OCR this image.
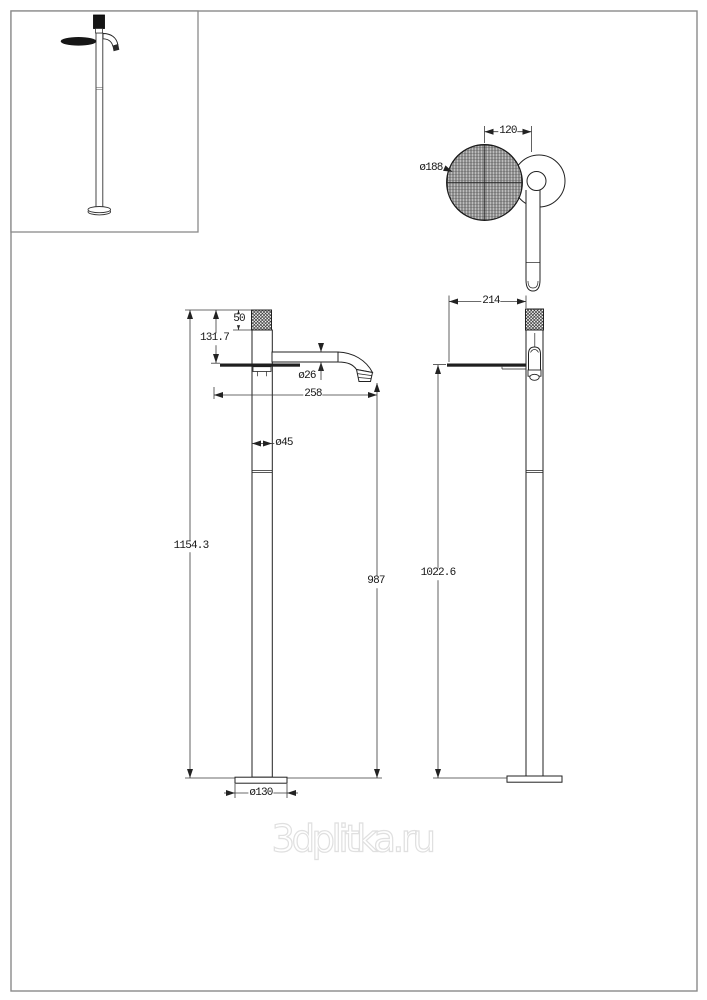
120
ø188
50
131.7
ø26
258
ø45
1154.3
987
ø130
214
1022.6
3dplitka.ru
